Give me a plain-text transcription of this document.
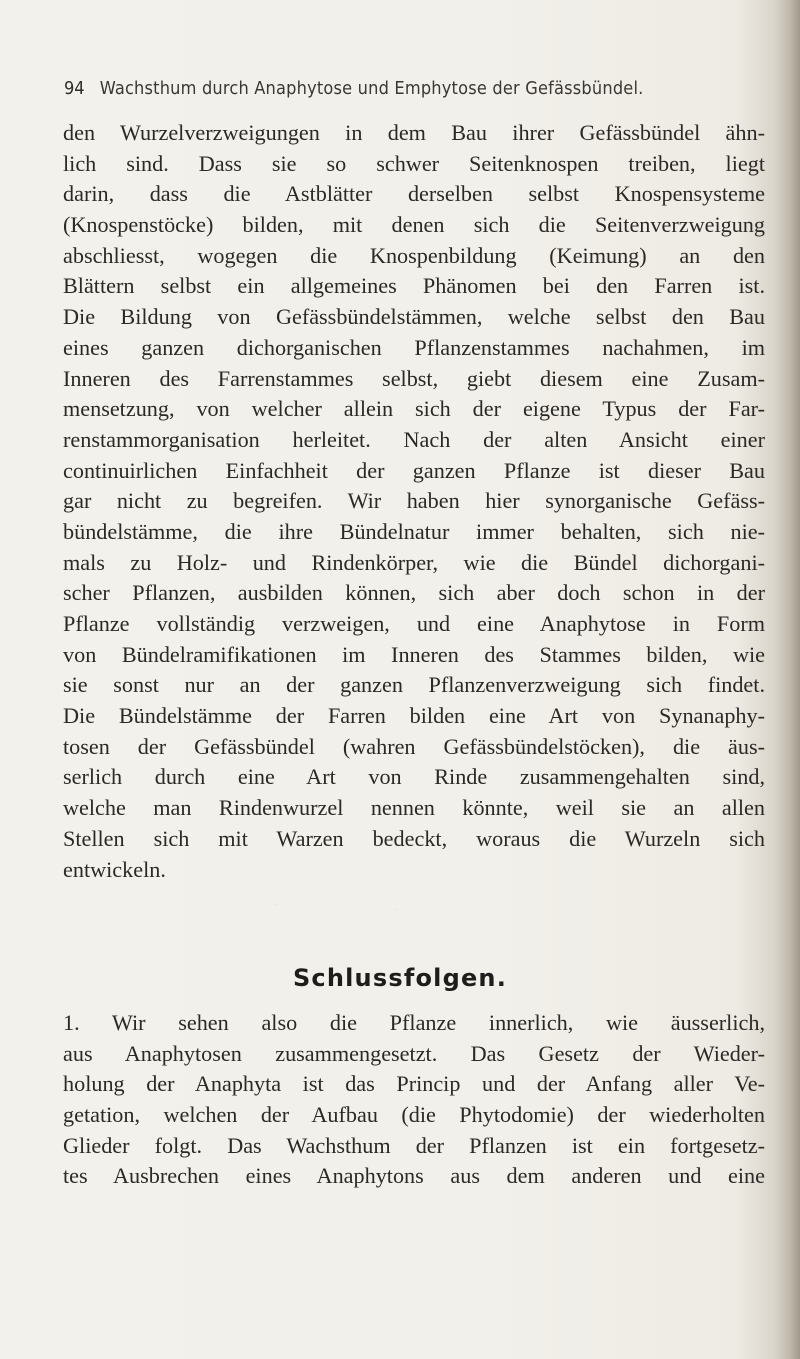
94 Wachsthum durch Anaphytose und Emphytose der Gefässbündel.
den Wurzelverzweigungen in dem Bau ihrer Gefässbündel ähn-
lich sind. Dass sie so schwer Seitenknospen treiben, liegt
darin, dass die Astblätter derselben selbst Knospensysteme
(Knospenstöcke) bilden, mit denen sich die Seitenverzweigung
abschliesst, wogegen die Knospenbildung (Keimung) an den
Blättern selbst ein allgemeines Phänomen bei den Farren ist.
Die Bildung von Gefässbündelstämmen, welche selbst den Bau
eines ganzen dichorganischen Pflanzenstammes nachahmen, im
Inneren des Farrenstammes selbst, giebt diesem eine Zusam-
mensetzung, von welcher allein sich der eigene Typus der Far-
renstammorganisation herleitet. Nach der alten Ansicht einer
continuirlichen Einfachheit der ganzen Pflanze ist dieser Bau
gar nicht zu begreifen. Wir haben hier synorganische Gefäss-
bündelstämme, die ihre Bündelnatur immer behalten, sich nie-
mals zu Holz- und Rindenkörper, wie die Bündel dichorgani-
scher Pflanzen, ausbilden können, sich aber doch schon in der
Pflanze vollständig verzweigen, und eine Anaphytose in Form
von Bündelramifikationen im Inneren des Stammes bilden, wie
sie sonst nur an der ganzen Pflanzenverzweigung sich findet.
Die Bündelstämme der Farren bilden eine Art von Synanaphy-
tosen der Gefässbündel (wahren Gefässbündelstöcken), die äus-
serlich durch eine Art von Rinde zusammengehalten sind,
welche man Rindenwurzel nennen könnte, weil sie an allen
Stellen sich mit Warzen bedeckt, woraus die Wurzeln sich
entwickeln.
Schlussfolgen.
1. Wir sehen also die Pflanze innerlich, wie äusserlich,
aus Anaphytosen zusammengesetzt. Das Gesetz der Wieder-
holung der Anaphyta ist das Princip und der Anfang aller Ve-
getation, welchen der Aufbau (die Phytodomie) der wiederholten
Glieder folgt. Das Wachsthum der Pflanzen ist ein fortgesetz-
tes Ausbrechen eines Anaphytons aus dem anderen und eine
